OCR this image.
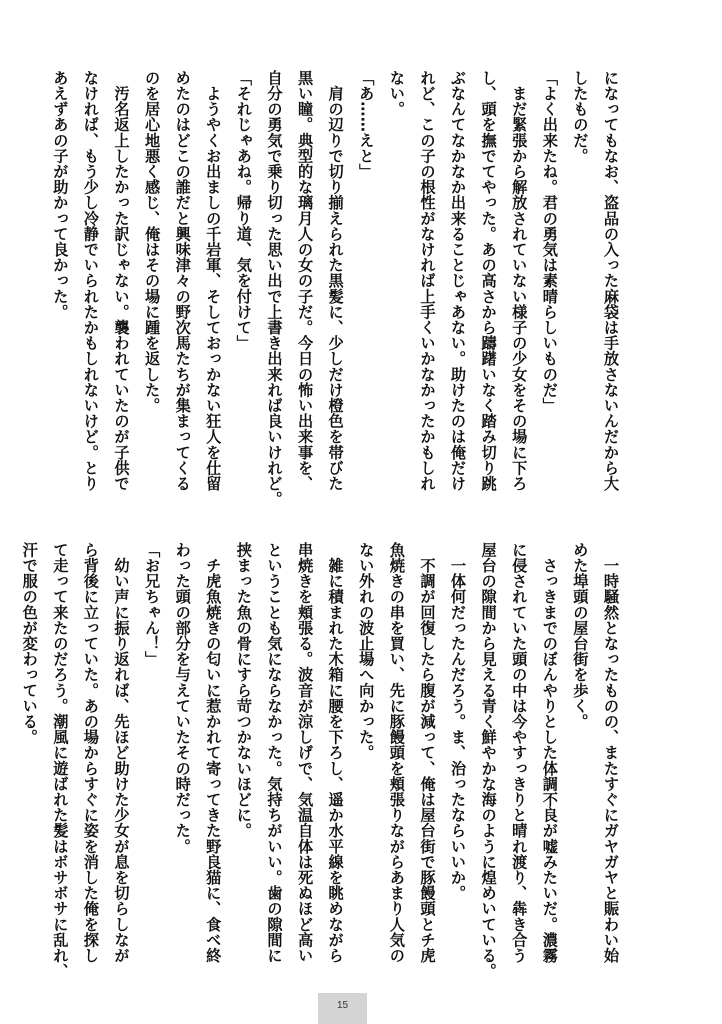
になってもなお、盗品の入った麻袋は手放さないんだから大
したものだ。
「よく出来たね。君の勇気は素晴らしいものだ」
　まだ緊張から解放されていない様子の少女をその場に下ろ
し、頭を撫でてやった。あの高さから躊躇いなく踏み切り跳
ぶなんてなかなか出来ることじゃあない。助けたのは俺だけ
れど、この子の根性がなければ上手くいかなかったかもしれ
ない。
「あ……えと」
　肩の辺りで切り揃えられた黒髪に、少しだけ橙色を帯びた
黒い瞳。典型的な璃月人の女の子だ。今日の怖い出来事を、
自分の勇気で乗り切った思い出で上書き出来れば良いけれど。
「それじゃあね。帰り道、気を付けて」
　ようやくお出ましの千岩軍、そしておっかない狂人を仕留
めたのはどこの誰だと興味津々の野次馬たちが集まってくる
のを居心地悪く感じ、俺はその場に踵を返した。
　汚名返上したかった訳じゃない。襲われていたのが子供で
なければ、もう少し冷静でいられたかもしれないけど。とり
あえずあの子が助かって良かった。
　一時騒然となったものの、またすぐにガヤガヤと賑わい始
めた埠頭の屋台街を歩く。
　さっきまでのぼんやりとした体調不良が嘘みたいだ。濃霧
に侵されていた頭の中は今やすっきりと晴れ渡り、犇き合う
屋台の隙間から見える青く鮮やかな海のように煌めいている。
　一体何だったんだろう。ま、治ったならいいか。
　不調が回復したら腹が減って、俺は屋台街で豚饅頭とチ虎
魚焼きの串を買い、先に豚饅頭を頬張りながらあまり人気の
ない外れの波止場へ向かった。
　雑に積まれた木箱に腰を下ろし、遥か水平線を眺めながら
串焼きを頬張る。波音が涼しげで、気温自体は死ぬほど高い
ということも気にならなかった。気持ちがいい。歯の隙間に
挟まった魚の骨にすら苛つかないほどに。
　チ虎魚焼きの匂いに惹かれて寄ってきた野良猫に、食べ終
わった頭の部分を与えていたその時だった。
「お兄ちゃん！」
　幼い声に振り返れば、先ほど助けた少女が息を切らしなが
ら背後に立っていた。あの場からすぐに姿を消した俺を探し
て走って来たのだろう。潮風に遊ばれた髪はボサボサに乱れ、
汗で服の色が変わっている。
15
